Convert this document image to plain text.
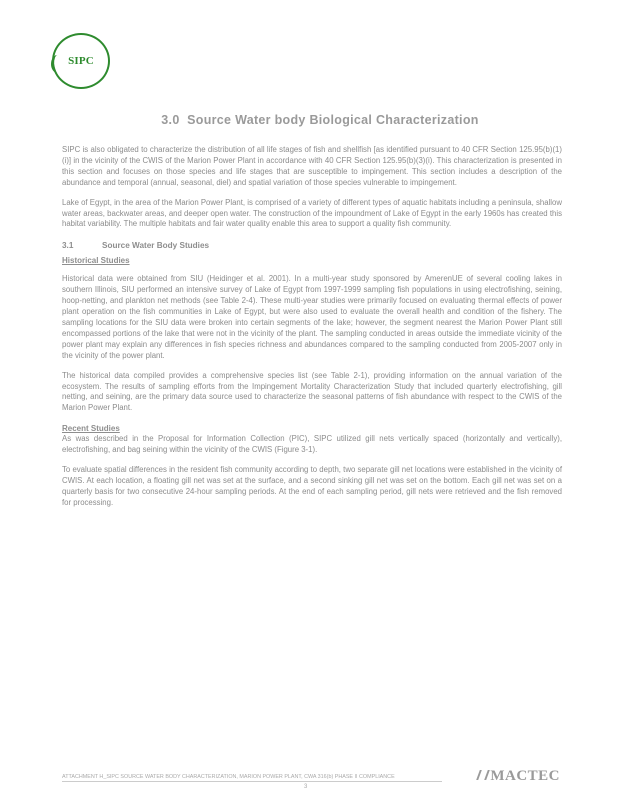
SIPC
3.0 Source Water body Biological Characterization

SIPC is also obligated to characterize the distribution of all life stages of fish and shellfish [as identified pursuant to 40 CFR Section 125.95(b)(1)(i)] in the vicinity of the CWIS of the Marion Power Plant in accordance with 40 CFR Section 125.95(b)(3)(i). This characterization is presented in this section and focuses on those species and life stages that are susceptible to impingement. This section includes a description of the abundance and temporal (annual, seasonal, diel) and spatial variation of those species vulnerable to impingement.

Lake of Egypt, in the area of the Marion Power Plant, is comprised of a variety of different types of aquatic habitats including a peninsula, shallow water areas, backwater areas, and deeper open water. The construction of the impoundment of Lake of Egypt in the early 1960s has created this habitat variability. The multiple habitats and fair water quality enable this area to support a quality fish community.

3.1	Source Water Body Studies

Historical Studies

Historical data were obtained from SIU (Heidinger et al. 2001). In a multi-year study sponsored by AmerenUE of several cooling lakes in southern Illinois, SIU performed an intensive survey of Lake of Egypt from 1997-1999 sampling fish populations in using electrofishing, seining, hoop-netting, and plankton net methods (see Table 2-4). These multi-year studies were primarily focused on evaluating thermal effects of power plant operation on the fish communities in Lake of Egypt, but were also used to evaluate the overall health and condition of the fishery. The sampling locations for the SIU data were broken into certain segments of the lake; however, the segment nearest the Marion Power Plant still encompassed portions of the lake that were not in the vicinity of the plant. The sampling conducted in areas outside the immediate vicinity of the power plant may explain any differences in fish species richness and abundances compared to the sampling conducted from 2005-2007 only in the vicinity of the power plant.

The historical data compiled provides a comprehensive species list (see Table 2-1), providing information on the annual variation of the ecosystem. The results of sampling efforts from the Impingement Mortality Characterization Study that included quarterly electrofishing, gill netting, and seining, are the primary data source used to characterize the seasonal patterns of fish abundance with respect to the CWIS of the Marion Power Plant.

Recent Studies

As was described in the Proposal for Information Collection (PIC), SIPC utilized gill nets vertically spaced (horizontally and vertically), electrofishing, and bag seining within the vicinity of the CWIS (Figure 3-1).

To evaluate spatial differences in the resident fish community according to depth, two separate gill net locations were established in the vicinity of CWIS. At each location, a floating gill net was set at the surface, and a second sinking gill net was set on the bottom. Each gill net was set on a quarterly basis for two consecutive 24-hour sampling periods. At the end of each sampling period, gill nets were retrieved and the fish removed for processing.

ATTACHMENT H_SIPC SOURCE WATER BODY CHARACTERIZATION, MARION POWER PLANT, CWA 316(b) PHASE II COMPLIANCE
3
MACTEC
